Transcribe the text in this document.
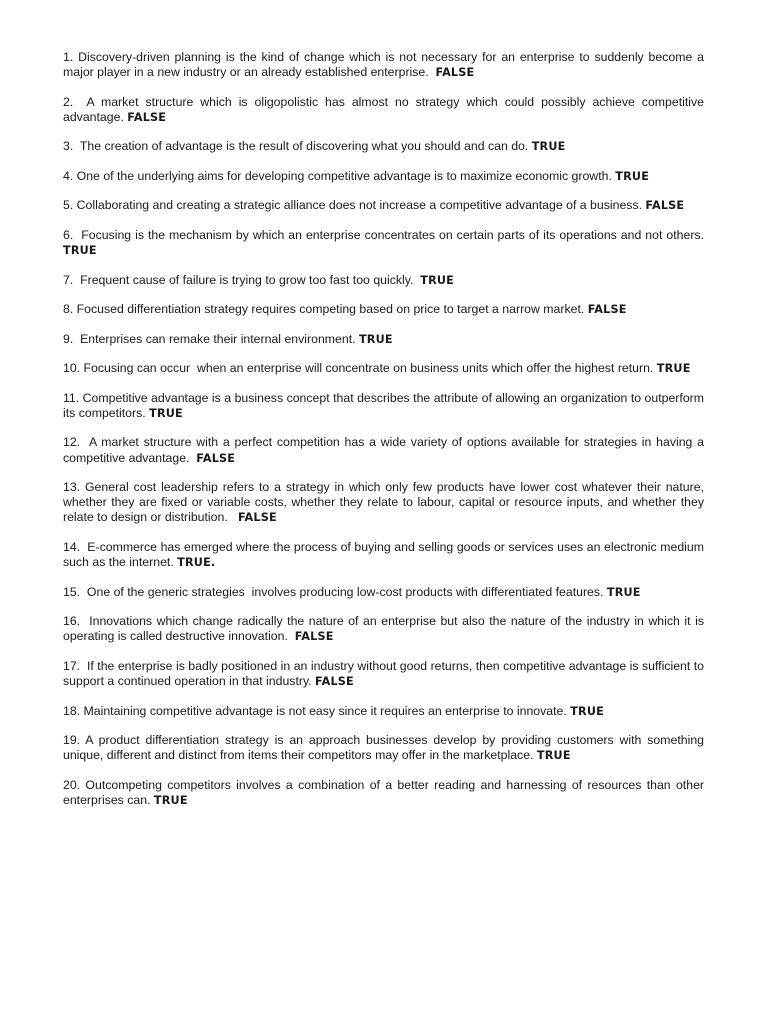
1. Discovery-driven planning is the kind of change which is not necessary for an enterprise to suddenly become a major player in a new industry or an already established enterprise.  FALSE

2.  A market structure which is oligopolistic has almost no strategy which could possibly achieve competitive advantage. FALSE

3.  The creation of advantage is the result of discovering what you should and can do. TRUE

4. One of the underlying aims for developing competitive advantage is to maximize economic growth. TRUE

5. Collaborating and creating a strategic alliance does not increase a competitive advantage of a business. FALSE

6.  Focusing is the mechanism by which an enterprise concentrates on certain parts of its operations and not others. TRUE

7.  Frequent cause of failure is trying to grow too fast too quickly.  TRUE

8. Focused differentiation strategy requires competing based on price to target a narrow market. FALSE

9.  Enterprises can remake their internal environment. TRUE

10. Focusing can occur  when an enterprise will concentrate on business units which offer the highest return. TRUE

11. Competitive advantage is a business concept that describes the attribute of allowing an organization to outperform its competitors. TRUE

12.  A market structure with a perfect competition has a wide variety of options available for strategies in having a competitive advantage.  FALSE

13. General cost leadership refers to a strategy in which only few products have lower cost whatever their nature, whether they are fixed or variable costs, whether they relate to labour, capital or resource inputs, and whether they relate to design or distribution.   FALSE

14.  E-commerce has emerged where the process of buying and selling goods or services uses an electronic medium such as the internet. TRUE.

15.  One of the generic strategies  involves producing low-cost products with differentiated features. TRUE

16.  Innovations which change radically the nature of an enterprise but also the nature of the industry in which it is operating is called destructive innovation.  FALSE

17.  If the enterprise is badly positioned in an industry without good returns, then competitive advantage is sufficient to support a continued operation in that industry. FALSE

18. Maintaining competitive advantage is not easy since it requires an enterprise to innovate. TRUE

19. A product differentiation strategy is an approach businesses develop by providing customers with something unique, different and distinct from items their competitors may offer in the marketplace. TRUE

20. Outcompeting competitors involves a combination of a better reading and harnessing of resources than other enterprises can. TRUE
